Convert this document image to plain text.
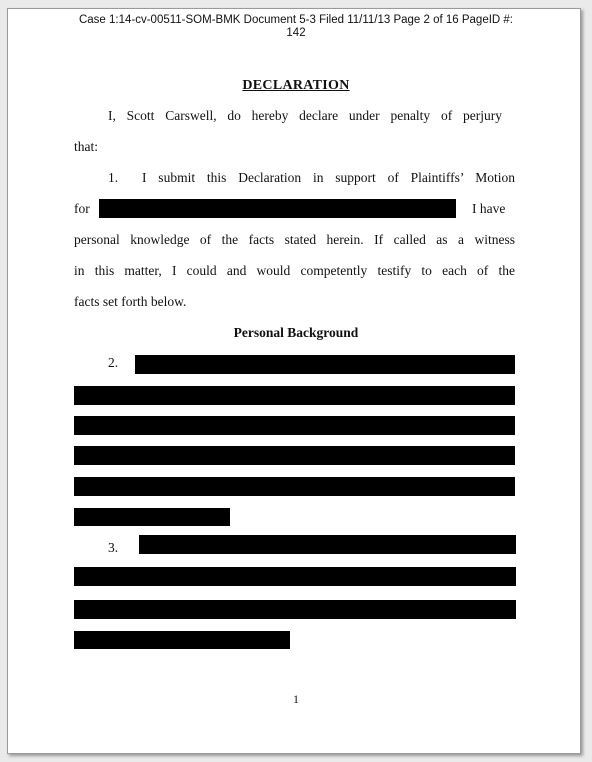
Case 1:14-cv-00511-SOM-BMK Document 5-3 Filed 11/11/13 Page 2 of 16 PageID #:
142
DECLARATION
I, Scott Carswell, do hereby declare under penalty of perjury
that:
1. I submit this Declaration in support of Plaintiffs’ Motion
for	I have
personal knowledge of the facts stated herein. If called as a witness
in this matter, I could and would competently testify to each of the
facts set forth below.
Personal Background
2.
3.
1
